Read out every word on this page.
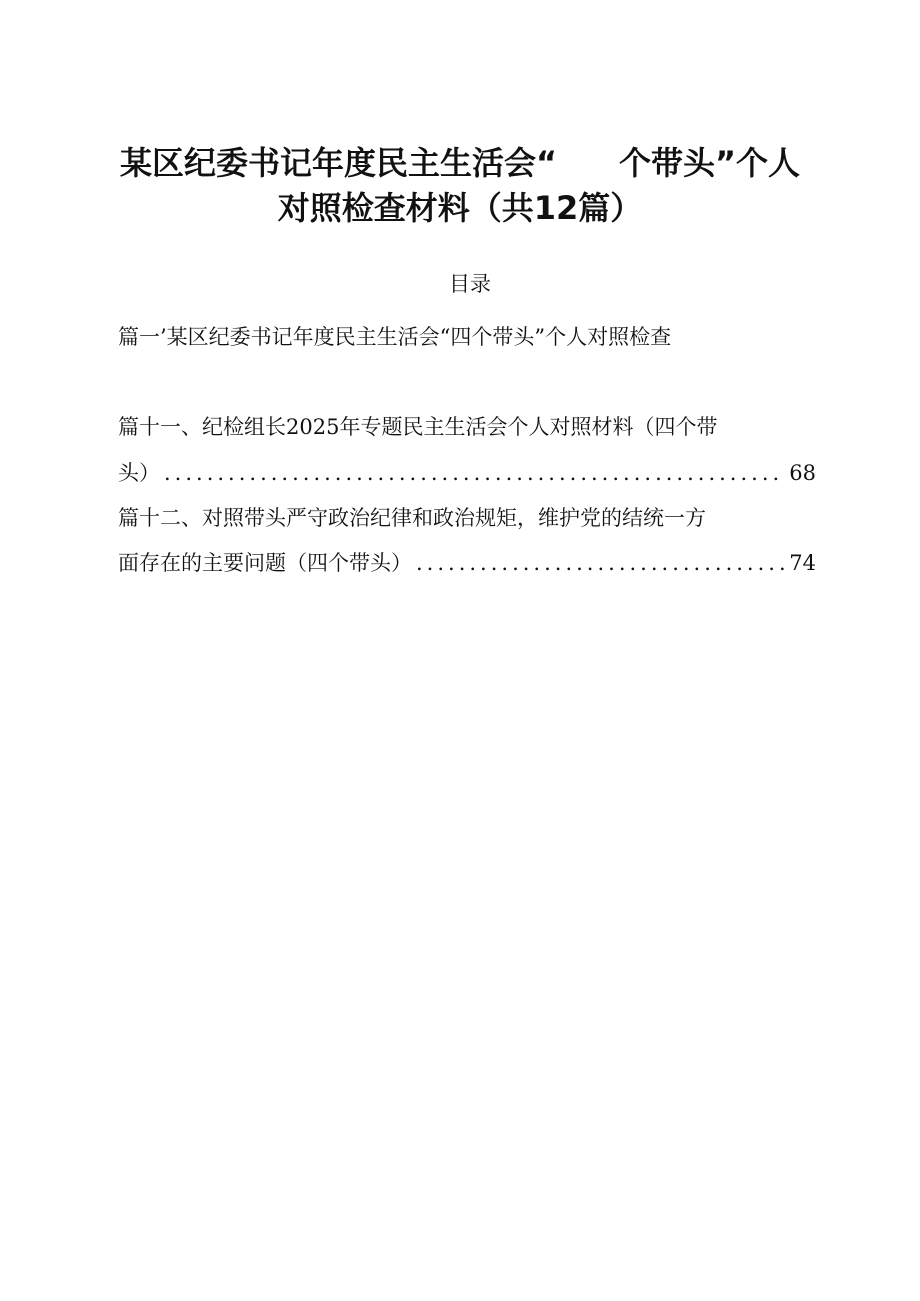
某区纪委书记年度民主生活会“ 个带头”个人
对照检查材料（共12篇）
目录
篇一’某区纪委书记年度民主生活会“四个带头”个人对照检查
篇十一、纪检组长2025年专题民主生活会个人对照材料（四个带
头） .....	68
篇十二、对照带头严守政治纪律和政治规矩，维护党的结统一方
面存在的主要问题（四个带头） .....	74
